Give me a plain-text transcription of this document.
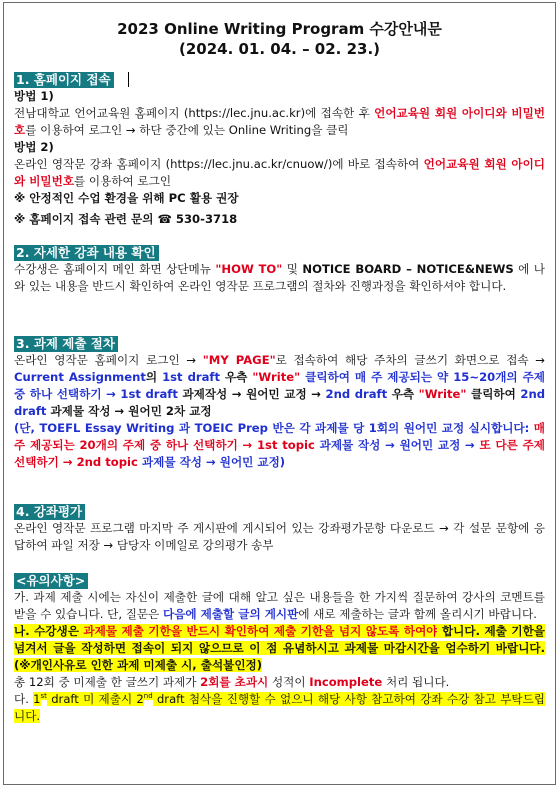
2023 Online Writing Program 수강안내문
(2024. 01. 04. – 02. 23.)
1. 홈페이지 접속

방법 1)

전남대학교 언어교육원 홈페이지 (https://lec.jnu.ac.kr)에 접속한 후 언어교육원 회원 아이디와 비밀번호를 이용하여 로그인 → 하단 중간에 있는 Online Writing을 클릭

방법 2)

온라인 영작문 강좌 홈페이지 (https://lec.jnu.ac.kr/cnuow/)에 바로 접속하여 언어교육원 회원 아이디와 비밀번호를 이용하여 로그인

※ 안정적인 수업 환경을 위해 PC 활용 권장

※ 홈페이지 접속 관련 문의 ☎ 530-3718

2. 자세한 강좌 내용 확인

수강생은 홈페이지 메인 화면 상단메뉴 "HOW TO" 및 NOTICE BOARD – NOTICE&NEWS 에 나와 있는 내용을 반드시 확인하여 온라인 영작문 프로그램의 절차와 진행과정을 확인하셔야 합니다.

3. 과제 제출 절차

온라인 영작문 홈페이지 로그인 → "MY PAGE"로 접속하여 해당 주차의 글쓰기 화면으로 접속 → Current Assignment의 1st draft 우측 "Write" 클릭하여 매 주 제공되는 약 15~20개의 주제 중 하나 선택하기 → 1st draft 과제작성 → 원어민 교정 → 2nd draft 우측 "Write" 클릭하여 2nd draft 과제물 작성 → 원어민 2차 교정

(단, TOEFL Essay Writing 과 TOEIC Prep 반은 각 과제물 당 1회의 원어민 교정 실시합니다: 매 주 제공되는 20개의 주제 중 하나 선택하기 → 1st topic 과제물 작성 → 원어민 교정 → 또 다른 주제 선택하기 → 2nd topic 과제물 작성 → 원어민 교정)

4. 강좌평가

온라인 영작문 프로그램 마지막 주 게시판에 게시되어 있는 강좌평가문항 다운로드 → 각 설문 문항에 응답하여 파일 저장 → 담당자 이메일로 강의평가 송부

<유의사항>

가. 과제 제출 시에는 자신이 제출한 글에 대해 알고 싶은 내용들을 한 가지씩 질문하여 강사의 코멘트를 받을 수 있습니다. 단, 질문은 다음에 제출할 글의 게시판에 새로 제출하는 글과 함께 올리시기 바랍니다.

나. 수강생은 과제물 제출 기한을 반드시 확인하여 제출 기한을 넘지 않도록 하여야 합니다. 제출 기한을 넘겨서 글을 작성하면 접속이 되지 않으므로 이 점 유념하시고 과제물 마감시간을 엄수하기 바랍니다. (※개인사유로 인한 과제 미제출 시, 출석불인정)

총 12회 중 미제출 한 글쓰기 과제가 2회를 초과시 성적이 Incomplete 처리 됩니다.

다. 1st draft 미 제출시 2nd draft 첨삭을 진행할 수 없으니 해당 사항 참고하여 강좌 수강 참고 부탁드립니다.
